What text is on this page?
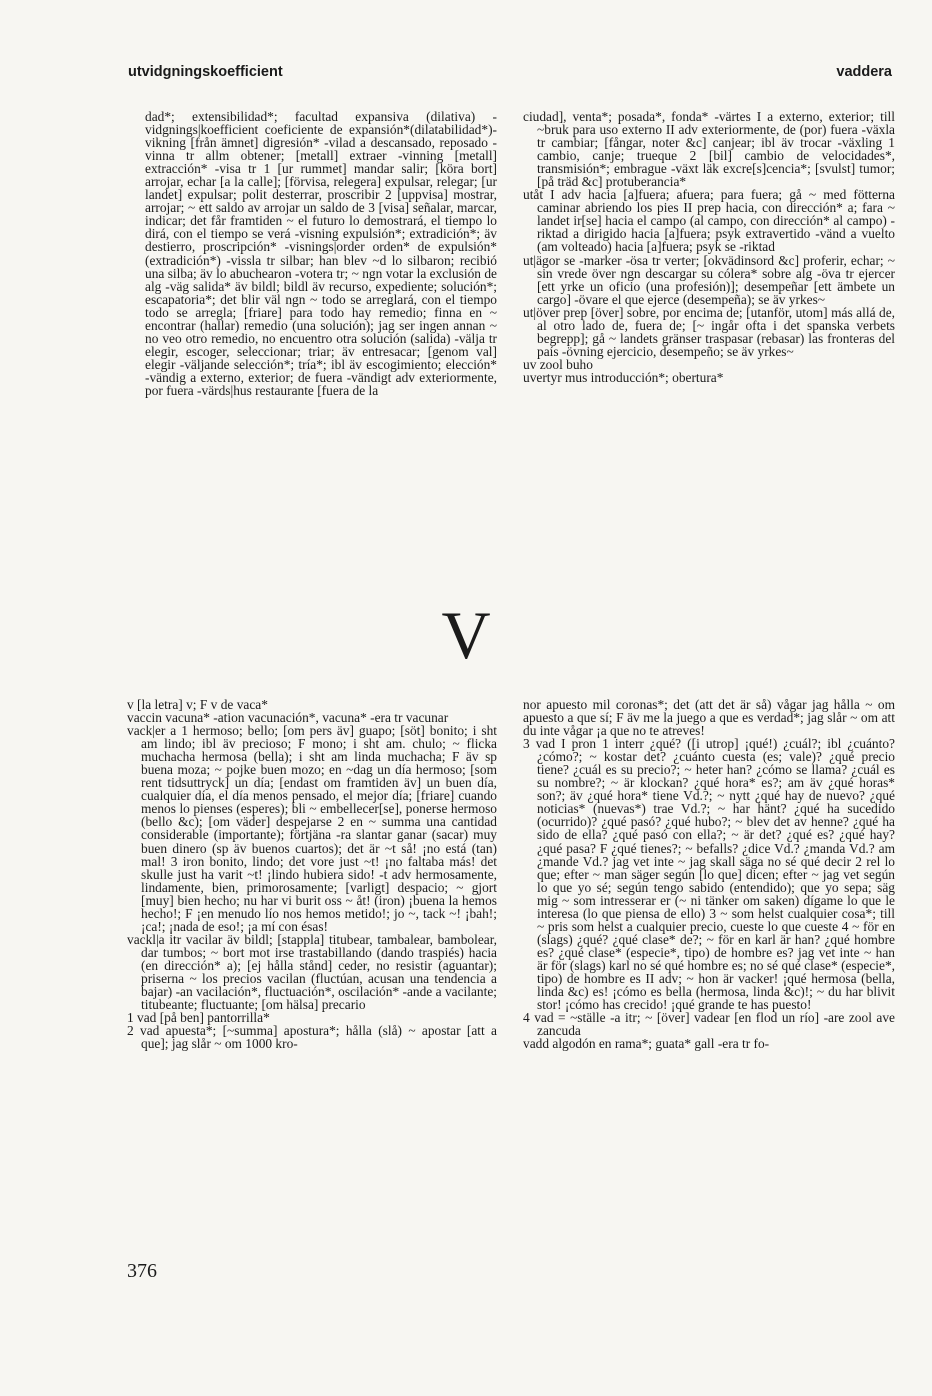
utvidgningskoefficient	vaddera

dad*; extensibilidad*; facultad expansiva (dilativa) -vidgnings|koefficient coeficiente de expansión*(dilatabilidad*)-vikning [från ämnet] digresión* -vilad a descansado, reposado -vinna tr allm obtener; [metall] extraer -vinning [metall] extracción* -visa tr 1 [ur rummet] mandar salir; [köra bort] arrojar, echar [a la calle]; [förvisa, relegera] expulsar, relegar; [ur landet] expulsar; polit desterrar, proscribir 2 [uppvisa] mostrar, arrojar; ~ ett saldo av arrojar un saldo de 3 [visa] señalar, marcar, indicar; det får framtiden ~ el futuro lo demostrará, el tiempo lo dirá, con el tiempo se verá -visning expulsión*; extradición*; äv destierro, proscripción* -visnings|order orden* de expulsión* (extradición*) -vissla tr silbar; han blev ~d lo silbaron; recibió una silba; äv lo abuchearon -votera tr; ~ ngn votar la exclusión de alg -väg salida* äv bildl; bildl äv recurso, expediente; solución*; escapatoria*; det blir väl ngn ~ todo se arreglará, con el tiempo todo se arregla; [friare] para todo hay remedio; finna en ~ encontrar (hallar) remedio (una solución); jag ser ingen annan ~ no veo otro remedio, no encuentro otra solución (salida) -välja tr elegir, escoger, seleccionar; triar; äv entresacar; [genom val] elegir -väljande selección*; tría*; ibl äv escogimiento; elección* -vändig a externo, exterior; de fuera -vändigt adv exteriormente, por fuera -värds|hus restaurante [fuera de la

ciudad], venta*; posada*, fonda* -värtes I a externo, exterior; till ~bruk para uso externo II adv exteriormente, de (por) fuera -växla tr cambiar; [fångar, noter &c] canjear; ibl äv trocar -växling 1 cambio, canje; trueque 2 [bil] cambio de velocidades*, transmisión*; embrague -växt läk excre[s]cencia*; [svulst] tumor; [på träd &c] protuberancia*

utåt I adv hacia [a]fuera; afuera; para fuera; gå ~ med fötterna caminar abriendo los pies II prep hacia, con dirección* a; fara ~ landet ir[se] hacia el campo (al campo, con dirección* al campo) -riktad a dirigido hacia [a]fuera; psyk extravertido -vänd a vuelto (am volteado) hacia [a]fuera; psyk se -riktad

ut|ägor se -marker -ösa tr verter; [okvädinsord &c] proferir, echar; ~ sin vrede över ngn descargar su cólera* sobre alg -öva tr ejercer [ett yrke un oficio (una profesión)]; desempeñar [ett ämbete un cargo] -övare el que ejerce (desempeña); se äv yrkes~

ut|över prep [över] sobre, por encima de; [utanför, utom] más allá de, al otro lado de, fuera de; [~ ingår ofta i det spanska verbets begrepp]; gå ~ landets gränser traspasar (rebasar) las fronteras del país -övning ejercicio, desempeño; se äv yrkes~

uv zool buho

uvertyr mus introducción*; obertura*

V

v [la letra] v; F v de vaca*

vaccin vacuna* -ation vacunación*, vacuna* -era tr vacunar

vack|er a 1 hermoso; bello; [om pers äv] guapo; [söt] bonito; i sht am lindo; ibl äv precioso; F mono; i sht am. chulo; ~ flicka muchacha hermosa (bella); i sht am linda muchacha; F äv sp buena moza; ~ pojke buen mozo; en ~dag un día hermoso; [som rent tidsuttryck] un día; [endast om framtiden äv] un buen día, cualquier día, el día menos pensado, el mejor día; [friare] cuando menos lo pienses (esperes); bli ~ embellecer[se], ponerse hermoso (bello &c); [om väder] despejarse 2 en ~ summa una cantidad considerable (importante); förtjäna -ra slantar ganar (sacar) muy buen dinero (sp äv buenos cuartos); det är ~t så! ¡no está (tan) mal! 3 iron bonito, lindo; det vore just ~t! ¡no faltaba más! det skulle just ha varit ~t! ¡lindo hubiera sido! -t adv hermosamente, lindamente, bien, primorosamente; [varligt] despacio; ~ gjort [muy] bien hecho; nu har vi burit oss ~ åt! (iron) ¡buena la hemos hecho!; F ¡en menudo lío nos hemos metido!; jo ~, tack ~! ¡bah!; ¡ca!; ¡nada de eso!; ¡a mí con ésas!

vackl|a itr vacilar äv bildl; [stappla] titubear, tambalear, bambolear, dar tumbos; ~ bort mot irse trastabillando (dando traspiés) hacia (en dirección* a); [ej hålla stånd] ceder, no resistir (aguantar); priserna ~ los precios vacilan (fluctúan, acusan una tendencia a bajar) -an vacilación*, fluctuación*, oscilación* -ande a vacilante; titubeante; fluctuante; [om hälsa] precario

1 vad [på ben] pantorrilla*

2 vad apuesta*; [~summa] apostura*; hålla (slå) ~ apostar [att a que]; jag slår ~ om 1000 kro-

nor apuesto mil coronas*; det (att det är så) vågar jag hålla ~ om apuesto a que sí; F äv me la juego a que es verdad*; jag slår ~ om att du inte vågar ¡a que no te atreves!

3 vad I pron 1 interr ¿qué? ([i utrop] ¡qué!) ¿cuál?; ibl ¿cuánto? ¿cómo?; ~ kostar det? ¿cuánto cuesta (es; vale)? ¿qué precio tiene? ¿cuál es su precio?; ~ heter han? ¿cómo se llama? ¿cuál es su nombre?; ~ är klockan? ¿qué hora* es?; am äv ¿qué horas* son?; äv ¿qué hora* tiene Vd.?; ~ nytt ¿qué hay de nuevo? ¿qué noticias* (nuevas*) trae Vd.?; ~ har hänt? ¿qué ha sucedido (ocurrido)? ¿qué pasó? ¿qué hubo?; ~ blev det av henne? ¿qué ha sido de ella? ¿qué pasó con ella?; ~ är det? ¿qué es? ¿qué hay? ¿qué pasa? F ¿qué tienes?; ~ befalls? ¿dice Vd.? ¿manda Vd.? am ¿mande Vd.? jag vet inte ~ jag skall säga no sé qué decir 2 rel lo que; efter ~ man säger según [lo que] dicen; efter ~ jag vet según lo que yo sé; según tengo sabido (entendido); que yo sepa; säg mig ~ som intresserar er (~ ni tänker om saken) dígame lo que le interesa (lo que piensa de ello) 3 ~ som helst cualquier cosa*; till ~ pris som helst a cualquier precio, cueste lo que cueste 4 ~ för en (slags) ¿qué? ¿qué clase* de?; ~ för en karl är han? ¿qué hombre es? ¿qué clase* (especie*, tipo) de hombre es? jag vet inte ~ han är för (slags) karl no sé qué hombre es; no sé qué clase* (especie*, tipo) de hombre es II adv; ~ hon är vacker! ¡qué hermosa (bella, linda &c) es! ¡cómo es bella (hermosa, linda &c)!; ~ du har blivit stor! ¡cómo has crecido! ¡qué grande te has puesto!

4 vad = ~ställe -a itr; ~ [över] vadear [en flod un río] -are zool ave zancuda

vadd algodón en rama*; guata* gall -era tr fo-

376
